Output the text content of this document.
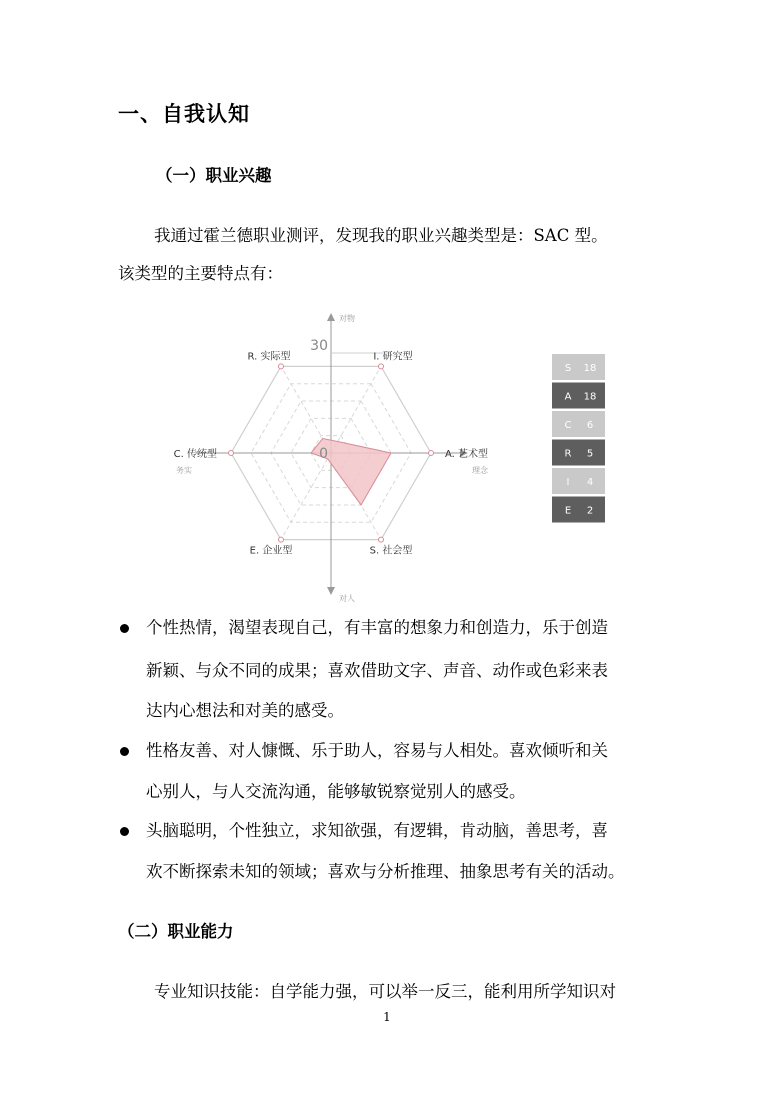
一、自我认知
（一）职业兴趣
我通过霍兰德职业测评，发现我的职业兴趣类型是：SAC 型。
该类型的主要特点有：
I. 研究型
A. 艺术型
S. 社会型
E. 企业型
C. 传统型
R. 实际型
30
0
对物
对人
务实	理念
S 18
A 18
C 6
R 5
I 4
E 2
个性热情，渴望表现自己，有丰富的想象力和创造力，乐于创造
新颖、与众不同的成果；喜欢借助文字、声音、动作或色彩来表
达内心想法和对美的感受。
性格友善、对人慷慨、乐于助人，容易与人相处。喜欢倾听和关
心别人，与人交流沟通，能够敏锐察觉别人的感受。
头脑聪明，个性独立，求知欲强，有逻辑，肯动脑，善思考，喜
欢不断探索未知的领域；喜欢与分析推理、抽象思考有关的活动。
（二）职业能力
专业知识技能：自学能力强，可以举一反三，能利用所学知识对
1
